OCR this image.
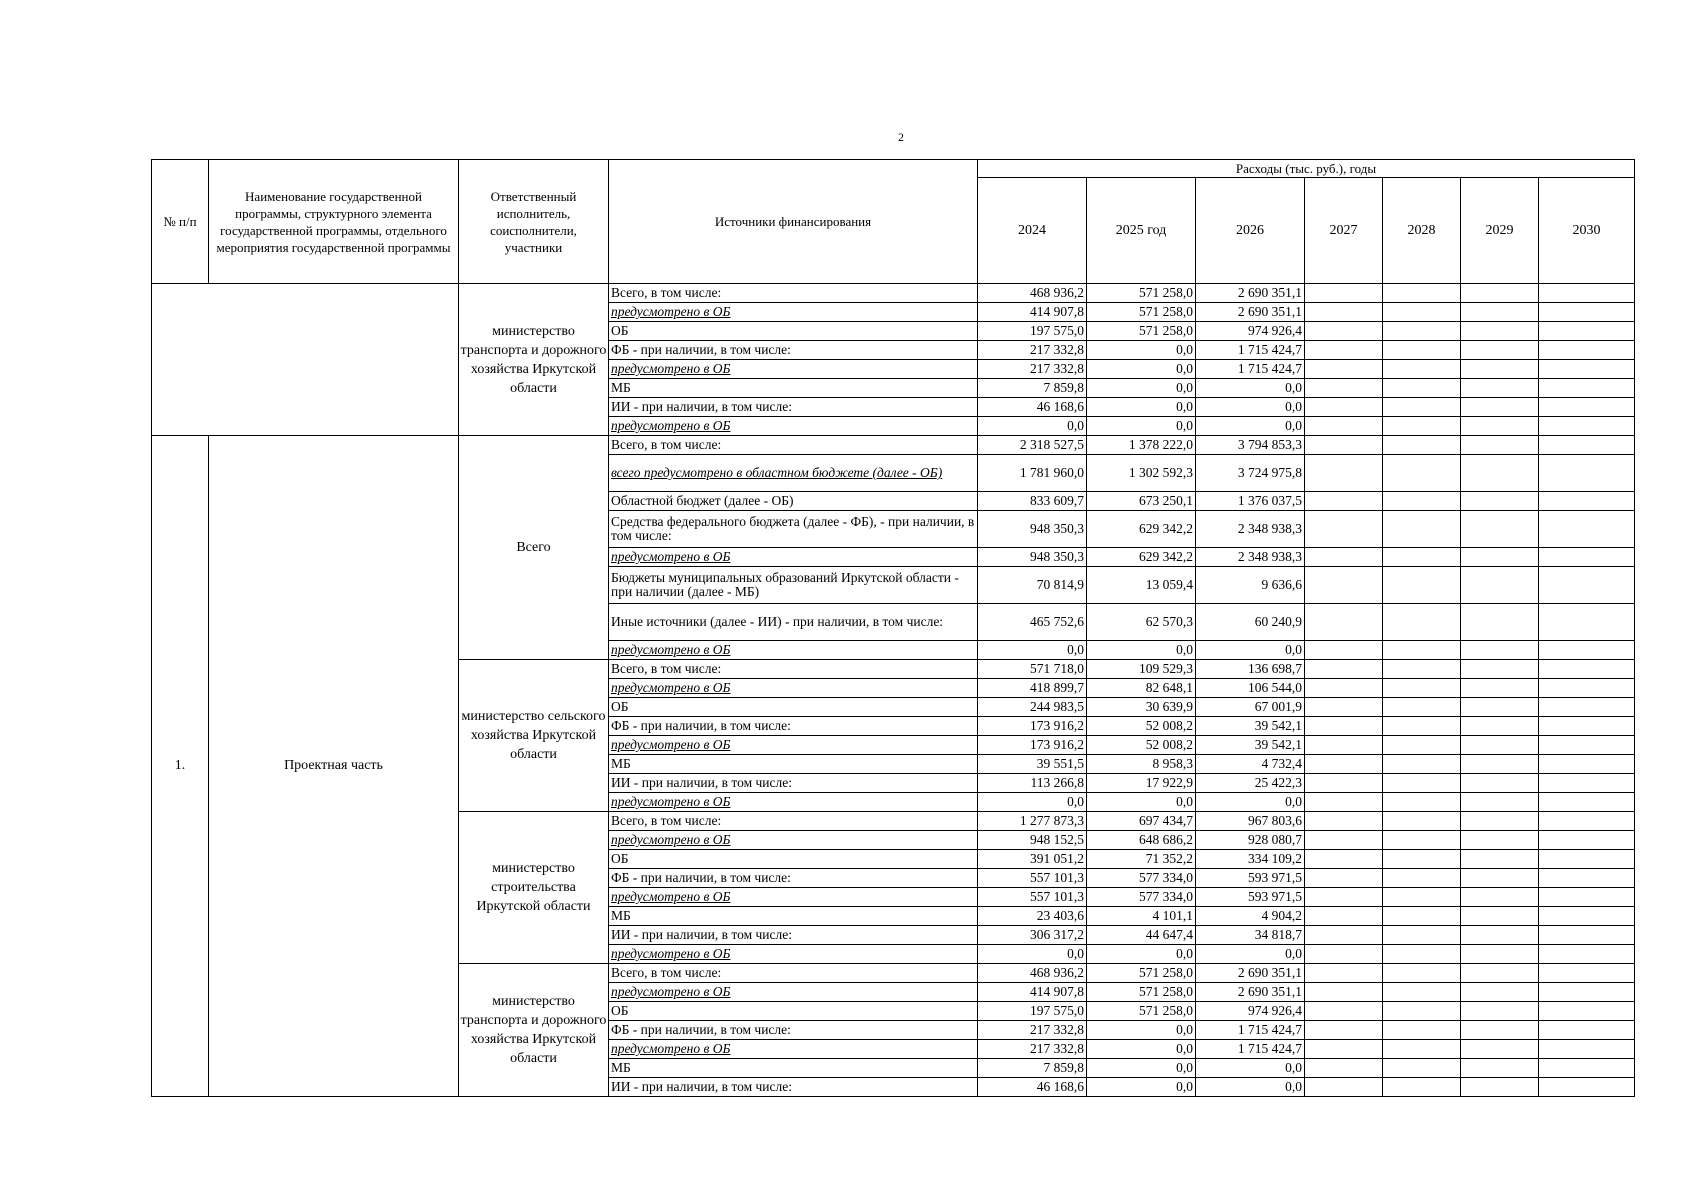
2
№ п/п	Наименование государственной программы, структурного элемента государственной программы, отдельного мероприятия государственной программы	Ответственный исполнитель, соисполнители, участники	Источники финансирования	Расходы (тыс. руб.), годы						
				2024	2025 год	2026	2027	2028	2029	2030
		министерство транспорта и дорожного хозяйства Иркутской области	Всего, в том числе:	468 936,2	571 258,0	2 690 351,1				
			предусмотрено в ОБ	414 907,8	571 258,0	2 690 351,1				
			ОБ	197 575,0	571 258,0	974 926,4				
			ФБ - при наличии, в том числе:	217 332,8	0,0	1 715 424,7				
			предусмотрено в ОБ	217 332,8	0,0	1 715 424,7				
			МБ	7 859,8	0,0	0,0				
			ИИ - при наличии, в том числе:	46 168,6	0,0	0,0				
			предусмотрено в ОБ	0,0	0,0	0,0				
1.	Проектная часть	Всего	Всего, в том числе:	2 318 527,5	1 378 222,0	3 794 853,3				
			всего предусмотрено в областном бюджете (далее - ОБ)	1 781 960,0	1 302 592,3	3 724 975,8				
			Областной бюджет (далее - ОБ)	833 609,7	673 250,1	1 376 037,5				
			Средства федерального бюджета (далее - ФБ), - при наличии, в том числе:	948 350,3	629 342,2	2 348 938,3				
			предусмотрено в ОБ	948 350,3	629 342,2	2 348 938,3				
			Бюджеты муниципальных образований Иркутской области - при наличии (далее - МБ)	70 814,9	13 059,4	9 636,6				
			Иные источники (далее - ИИ) - при наличии, в том числе:	465 752,6	62 570,3	60 240,9				
			предусмотрено в ОБ	0,0	0,0	0,0				
		министерство сельского хозяйства Иркутской области	Всего, в том числе:	571 718,0	109 529,3	136 698,7				
			предусмотрено в ОБ	418 899,7	82 648,1	106 544,0				
			ОБ	244 983,5	30 639,9	67 001,9				
			ФБ - при наличии, в том числе:	173 916,2	52 008,2	39 542,1				
			предусмотрено в ОБ	173 916,2	52 008,2	39 542,1				
			МБ	39 551,5	8 958,3	4 732,4				
			ИИ - при наличии, в том числе:	113 266,8	17 922,9	25 422,3				
			предусмотрено в ОБ	0,0	0,0	0,0				
		министерство строительства Иркутской области	Всего, в том числе:	1 277 873,3	697 434,7	967 803,6				
			предусмотрено в ОБ	948 152,5	648 686,2	928 080,7				
			ОБ	391 051,2	71 352,2	334 109,2				
			ФБ - при наличии, в том числе:	557 101,3	577 334,0	593 971,5				
			предусмотрено в ОБ	557 101,3	577 334,0	593 971,5				
			МБ	23 403,6	4 101,1	4 904,2				
			ИИ - при наличии, в том числе:	306 317,2	44 647,4	34 818,7				
			предусмотрено в ОБ	0,0	0,0	0,0				
		министерство транспорта и дорожного хозяйства Иркутской области	Всего, в том числе:	468 936,2	571 258,0	2 690 351,1				
			предусмотрено в ОБ	414 907,8	571 258,0	2 690 351,1				
			ОБ	197 575,0	571 258,0	974 926,4				
			ФБ - при наличии, в том числе:	217 332,8	0,0	1 715 424,7				
			предусмотрено в ОБ	217 332,8	0,0	1 715 424,7				
			МБ	7 859,8	0,0	0,0				
			ИИ - при наличии, в том числе:	46 168,6	0,0	0,0				
